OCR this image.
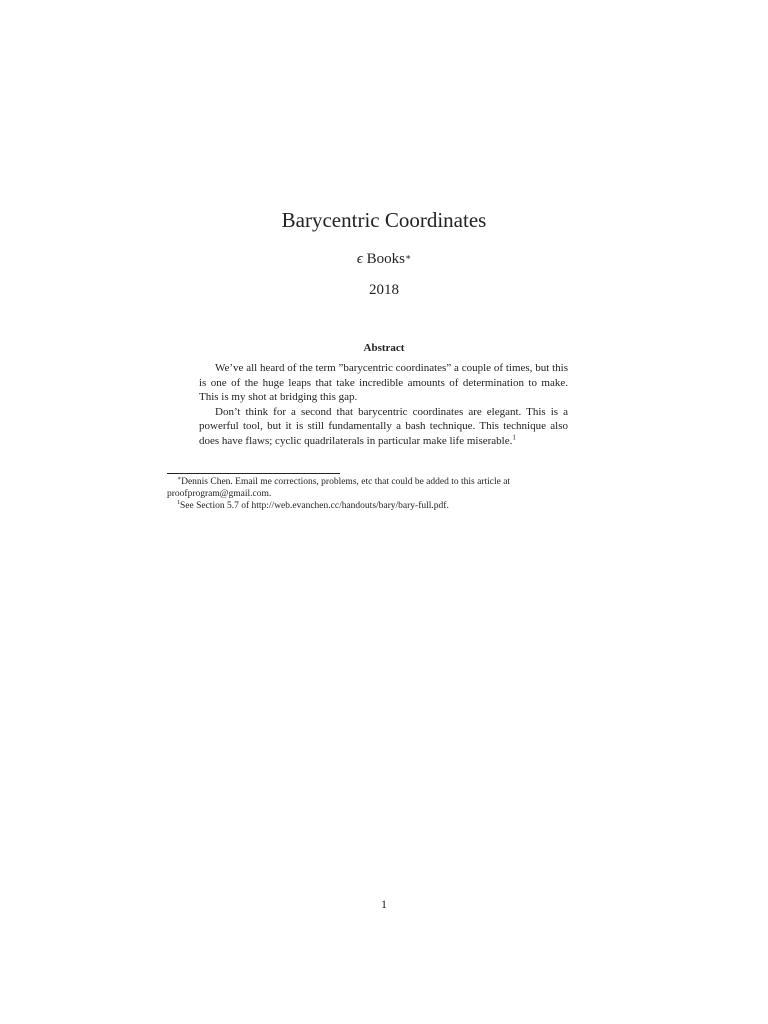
Barycentric Coordinates
ϵ Books∗
2018
Abstract

We’ve all heard of the term ”barycentric coordinates” a couple of times, but this is one of the huge leaps that take incredible amounts of determination to make. This is my shot at bridging this gap.

Don’t think for a second that barycentric coordinates are elegant. This is a powerful tool, but it is still fundamentally a bash technique. This technique also does have flaws; cyclic quadrilaterals in particular make life miserable.$^1$

∗Dennis Chen. Email me corrections, problems, etc that could be added to this article at proofprogram@gmail.com.

$^1$See Section 5.7 of http://web.evanchen.cc/handouts/bary/bary-full.pdf.

1
